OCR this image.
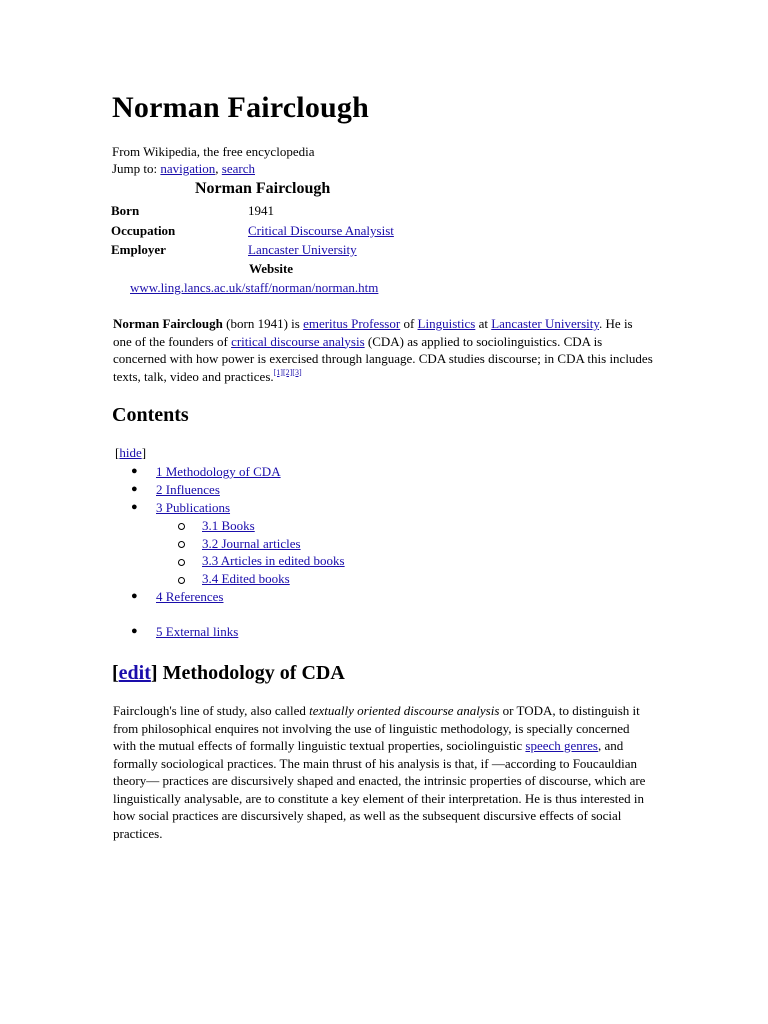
Norman Fairclough
From Wikipedia, the free encyclopedia
Jump to: navigation, search
Norman Fairclough
Born	1941
Occupation	Critical Discourse Analysist
Employer	Lancaster University
Website
www.ling.lancs.ac.uk/staff/norman/norman.htm

Norman Fairclough (born 1941) is emeritus Professor of Linguistics at Lancaster University. He is one of the founders of critical discourse analysis (CDA) as applied to sociolinguistics. CDA is concerned with how power is exercised through language. CDA studies discourse; in CDA this includes texts, talk, video and practices.[1][2][3]

Contents
[hide]
● 1 Methodology of CDA
● 2 Influences
● 3 Publications
3.1 Books
3.2 Journal articles
3.3 Articles in edited books
3.4 Edited books
● 4 References
● 5 External links
[edit] Methodology of CDA

Fairclough's line of study, also called textually oriented discourse analysis or TODA, to distinguish it from philosophical enquires not involving the use of linguistic methodology, is specially concerned with the mutual effects of formally linguistic textual properties, sociolinguistic speech genres, and formally sociological practices. The main thrust of his analysis is that, if —according to Foucauldian theory— practices are discursively shaped and enacted, the intrinsic properties of discourse, which are linguistically analysable, are to constitute a key element of their interpretation. He is thus interested in how social practices are discursively shaped, as well as the subsequent discursive effects of social practices.
